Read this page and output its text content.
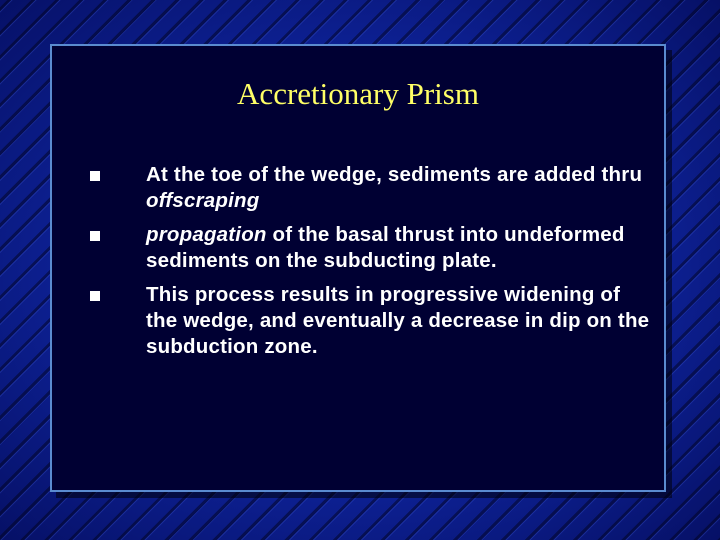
Accretionary Prism
At the toe of the wedge, sediments are added thru offscraping
propagation of the basal thrust into undeformed sediments on the subducting plate.
This process results in progressive widening of the wedge, and eventually a decrease in dip on the subduction zone.
